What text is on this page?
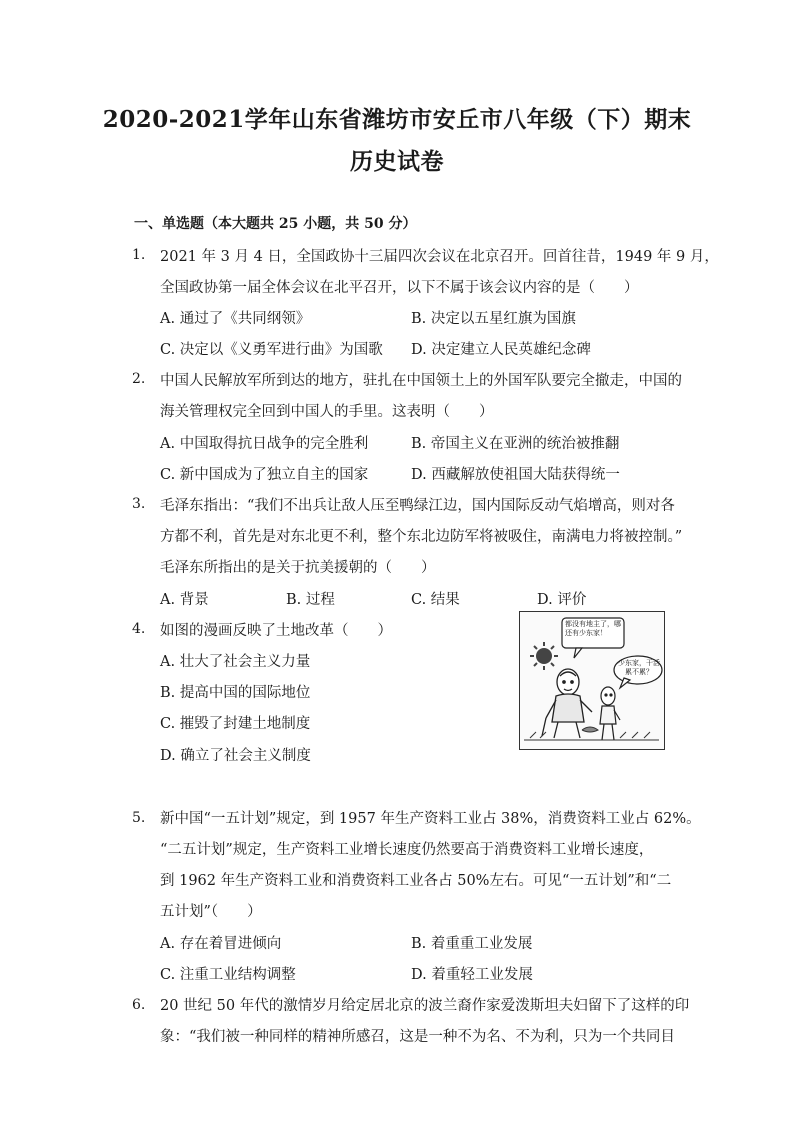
2020-2021学年山东省潍坊市安丘市八年级（下）期末
历史试卷
一、单选题（本大题共 25 小题，共 50 分）
1. 2021 年 3 月 4 日，全国政协十三届四次会议在北京召开。回首往昔，1949 年 9 月，
全国政协第一届全体会议在北平召开，以下不属于该会议内容的是（　　）
A. 通过了《共同纲领》	B. 决定以五星红旗为国旗
C. 决定以《义勇军进行曲》为国歌 D. 决定建立人民英雄纪念碑
2. 中国人民解放军所到达的地方，驻扎在中国领土上的外国军队要完全撤走，中国的
海关管理权完全回到中国人的手里。这表明（　　）
A. 中国取得抗日战争的完全胜利	B. 帝国主义在亚洲的统治被推翻
C. 新中国成为了独立自主的国家	D. 西藏解放使祖国大陆获得统一
3. 毛泽东指出：“我们不出兵让敌人压至鸭绿江边，国内国际反动气焰增高，则对各
方都不利，首先是对东北更不利，整个东北边防军将被吸住，南满电力将被控制。”
毛泽东所指出的是关于抗美援朝的（　　）
A. 背景	B. 过程	C. 结果	D. 评价
4. 如图的漫画反映了土地改革（　　）
A. 壮大了社会主义力量
B. 提高中国的国际地位
C. 摧毁了封建土地制度
D. 确立了社会主义制度
都没有地主了，哪还有少东家！
少东家，干活累不累？
5. 新中国“一五计划”规定，到 1957 年生产资料工业占 38%，消费资料工业占 62%。
“二五计划”规定，生产资料工业增长速度仍然要高于消费资料工业增长速度，
到 1962 年生产资料工业和消费资料工业各占 50%左右。可见“一五计划”和“二
五计划”（　　）
A. 存在着冒进倾向	B. 着重重工业发展
C. 注重工业结构调整	D. 着重轻工业发展
6. 20 世纪 50 年代的激情岁月给定居北京的波兰裔作家爱泼斯坦夫妇留下了这样的印
象：“我们被一种同样的精神所感召，这是一种不为名、不为利，只为一个共同目
